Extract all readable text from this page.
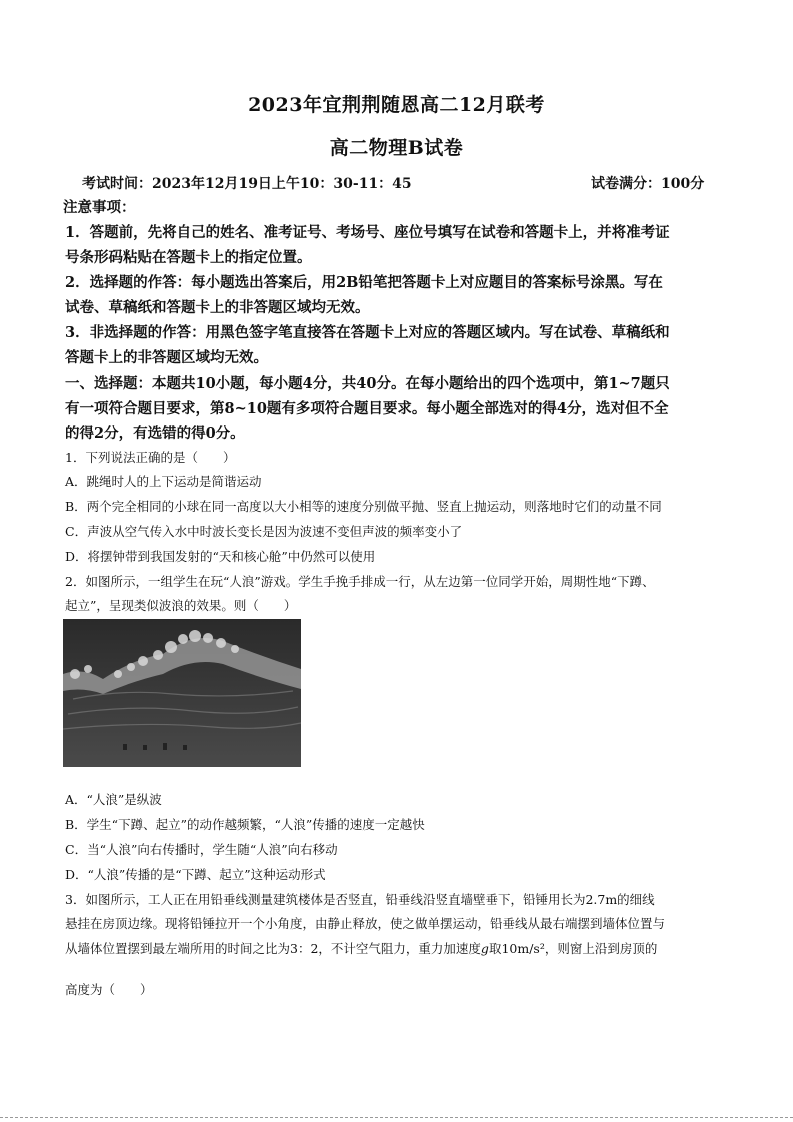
2023年宜荆荆随恩高二12月联考
高二物理B试卷
考试时间：2023年12月19日上午10：30-11：45	试卷满分：100分
注意事项：
1．答题前，先将自己的姓名、准考证号、考场号、座位号填写在试卷和答题卡上，并将准考证
号条形码粘贴在答题卡上的指定位置。
2．选择题的作答：每小题选出答案后，用2B铅笔把答题卡上对应题目的答案标号涂黑。写在
试卷、草稿纸和答题卡上的非答题区域均无效。
3．非选择题的作答：用黑色签字笔直接答在答题卡上对应的答题区域内。写在试卷、草稿纸和
答题卡上的非答题区域均无效。
一、选择题：本题共10小题，每小题4分，共40分。在每小题给出的四个选项中，第1~7题只
有一项符合题目要求，第8~10题有多项符合题目要求。每小题全部选对的得4分，选对但不全
的得2分，有选错的得0分。
1．下列说法正确的是（　　）
A．跳绳时人的上下运动是简谐运动
B．两个完全相同的小球在同一高度以大小相等的速度分别做平抛、竖直上抛运动，则落地时它们的动量不同
C．声波从空气传入水中时波长变长是因为波速不变但声波的频率变小了
D．将摆钟带到我国发射的“天和核心舱”中仍然可以使用
2．如图所示，一组学生在玩“人浪”游戏。学生手挽手排成一行，从左边第一位同学开始，周期性地“下蹲、
起立”，呈现类似波浪的效果。则（　　）
A．“人浪”是纵波
B．学生“下蹲、起立”的动作越频繁，“人浪”传播的速度一定越快
C．当“人浪”向右传播时，学生随“人浪”向右移动
D．“人浪”传播的是“下蹲、起立”这种运动形式
3．如图所示，工人正在用铅垂线测量建筑楼体是否竖直，铅垂线沿竖直墙壁垂下，铅锤用长为2.7m的细线
悬挂在房顶边缘。现将铅锤拉开一个小角度，由静止释放，使之做单摆运动，铅垂线从最右端摆到墙体位置与
从墙体位置摆到最左端所用的时间之比为3：2，不计空气阻力，重力加速度g取10m/s²，则窗上沿到房顶的
高度为（　　）
